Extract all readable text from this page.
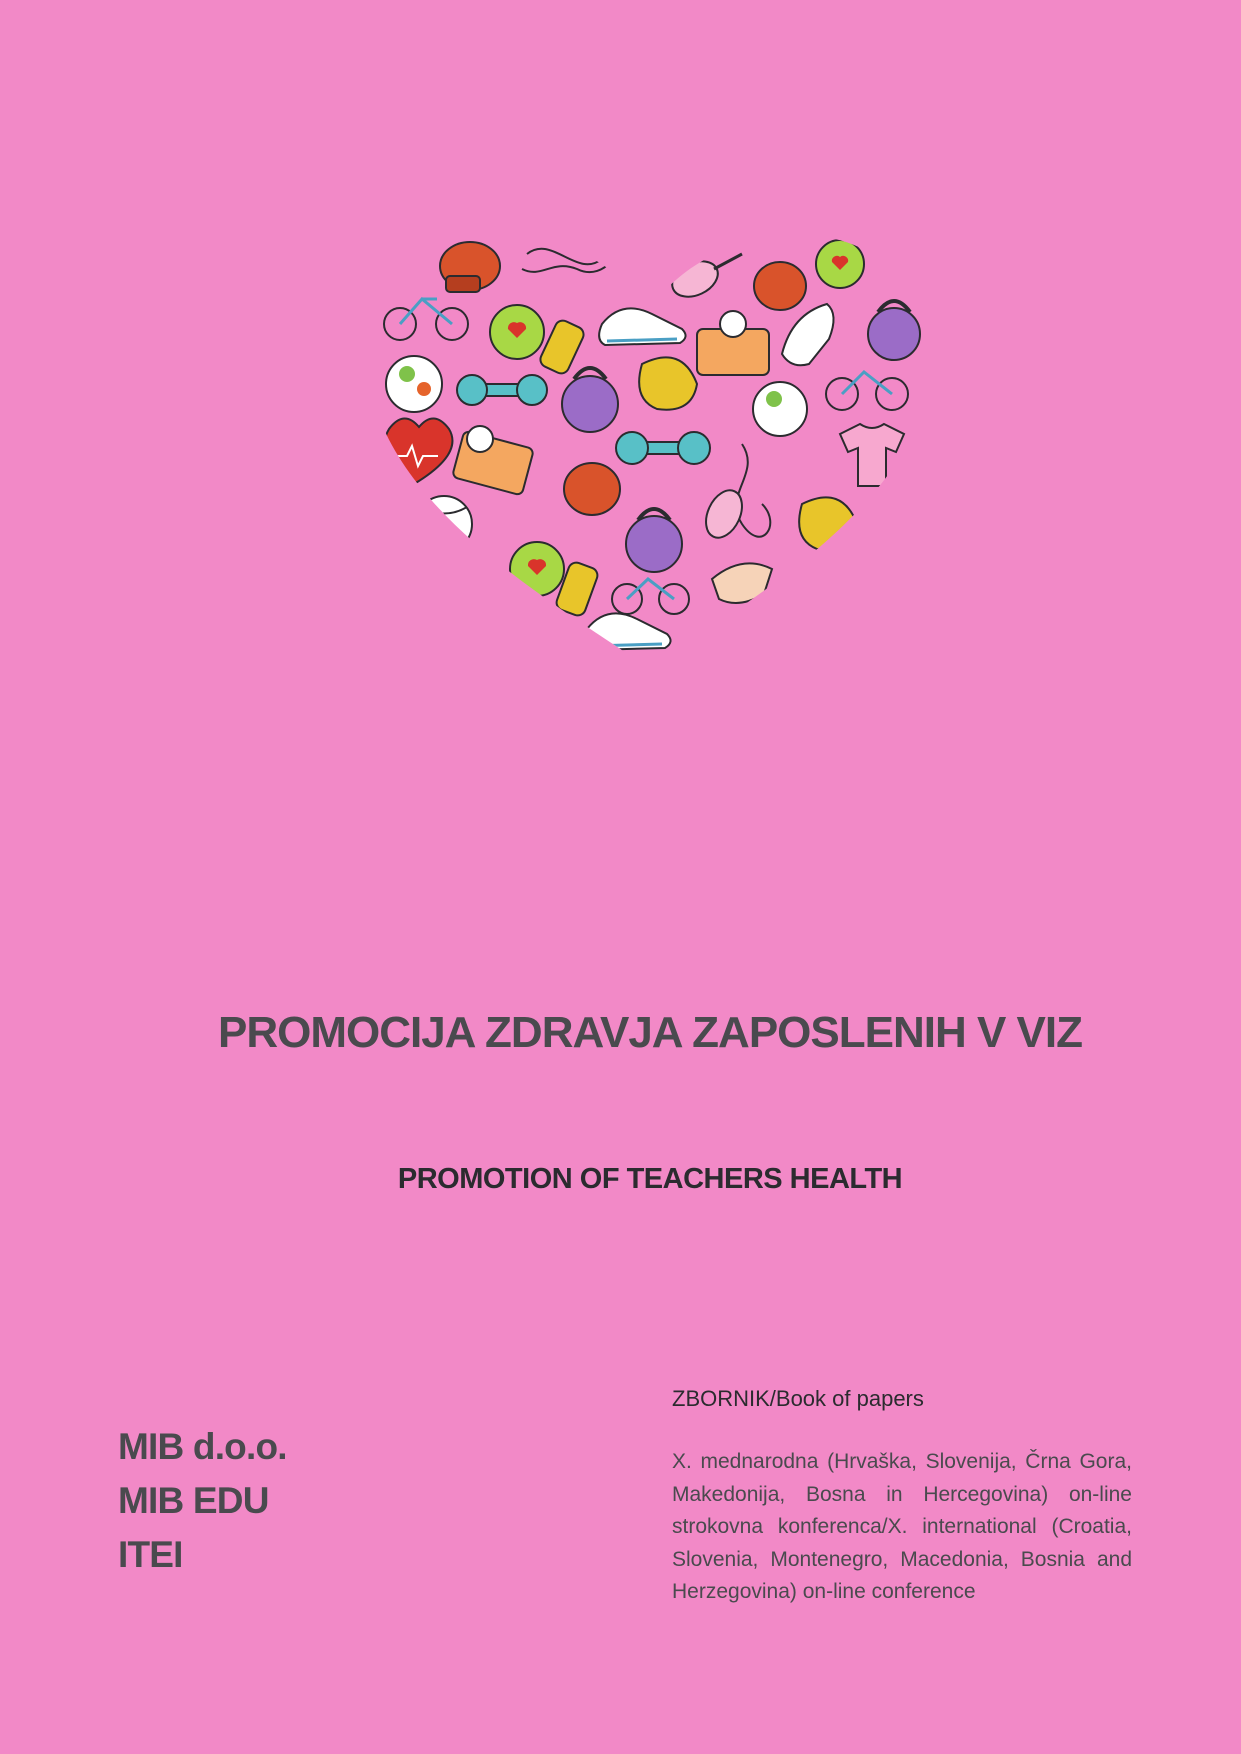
PROMOCIJA ZDRAVJA ZAPOSLENIH V VIZ
PROMOTION OF TEACHERS HEALTH
MIB d.o.o.
MIB EDU
ITEI
ZBORNIK/Book of papers
X. mednarodna (Hrvaška, Slovenija, Črna Gora, Makedonija, Bosna in Hercegovina) on-line strokovna konferenca/X. international (Croatia, Slovenia, Montenegro, Macedonia, Bosnia and Herzegovina) on-line conference
